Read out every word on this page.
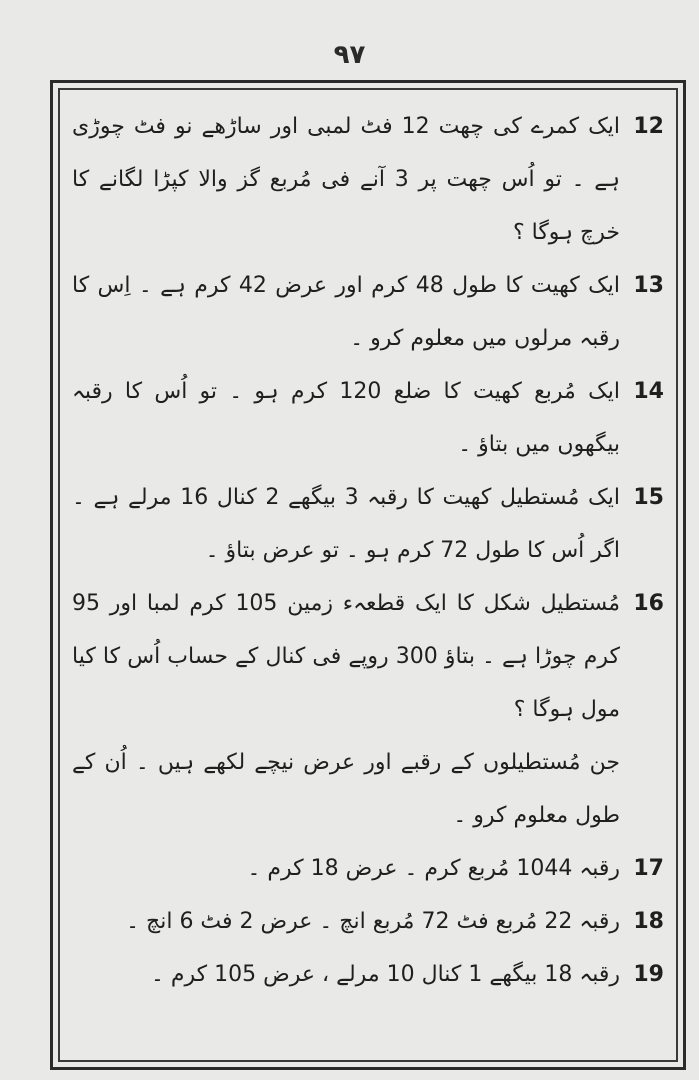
۹۷
12
ایک کمرے کی چھت 12 فٹ لمبی اور ساڑھے نو فٹ چوڑی ہے ۔ تو اُس چھت پر 3 آنے فی مُربع گز والا کپڑا لگانے کا خرچ ہوگا ؟
13
ایک کھیت کا طول 48 کرم اور عرض 42 کرم ہے ۔ اِس کا رقبہ مرلوں میں معلوم کرو ۔
14
ایک مُربع کھیت کا ضلع 120 کرم ہو ۔ تو اُس کا رقبہ بیگھوں میں بتاؤ ۔
15
ایک مُستطیل کھیت کا رقبہ 3 بیگھے 2 کنال 16 مرلے ہے ۔ اگر اُس کا طول 72 کرم ہو ۔ تو عرض بتاؤ ۔
16
مُستطیل شکل کا ایک قطعہء زمین 105 کرم لمبا اور 95 کرم چوڑا ہے ۔ بتاؤ 300 روپے فی کنال کے حساب اُس کا کیا مول ہوگا ؟
جن مُستطیلوں کے رقبے اور عرض نیچے لکھے ہیں ۔ اُن کے طول معلوم کرو ۔
17
رقبہ 1044 مُربع کرم ۔ عرض 18 کرم ۔
18
رقبہ 22 مُربع فٹ 72 مُربع انچ ۔ عرض 2 فٹ 6 انچ ۔
19
رقبہ 18 بیگھے 1 کنال 10 مرلے ، عرض 105 کرم ۔
